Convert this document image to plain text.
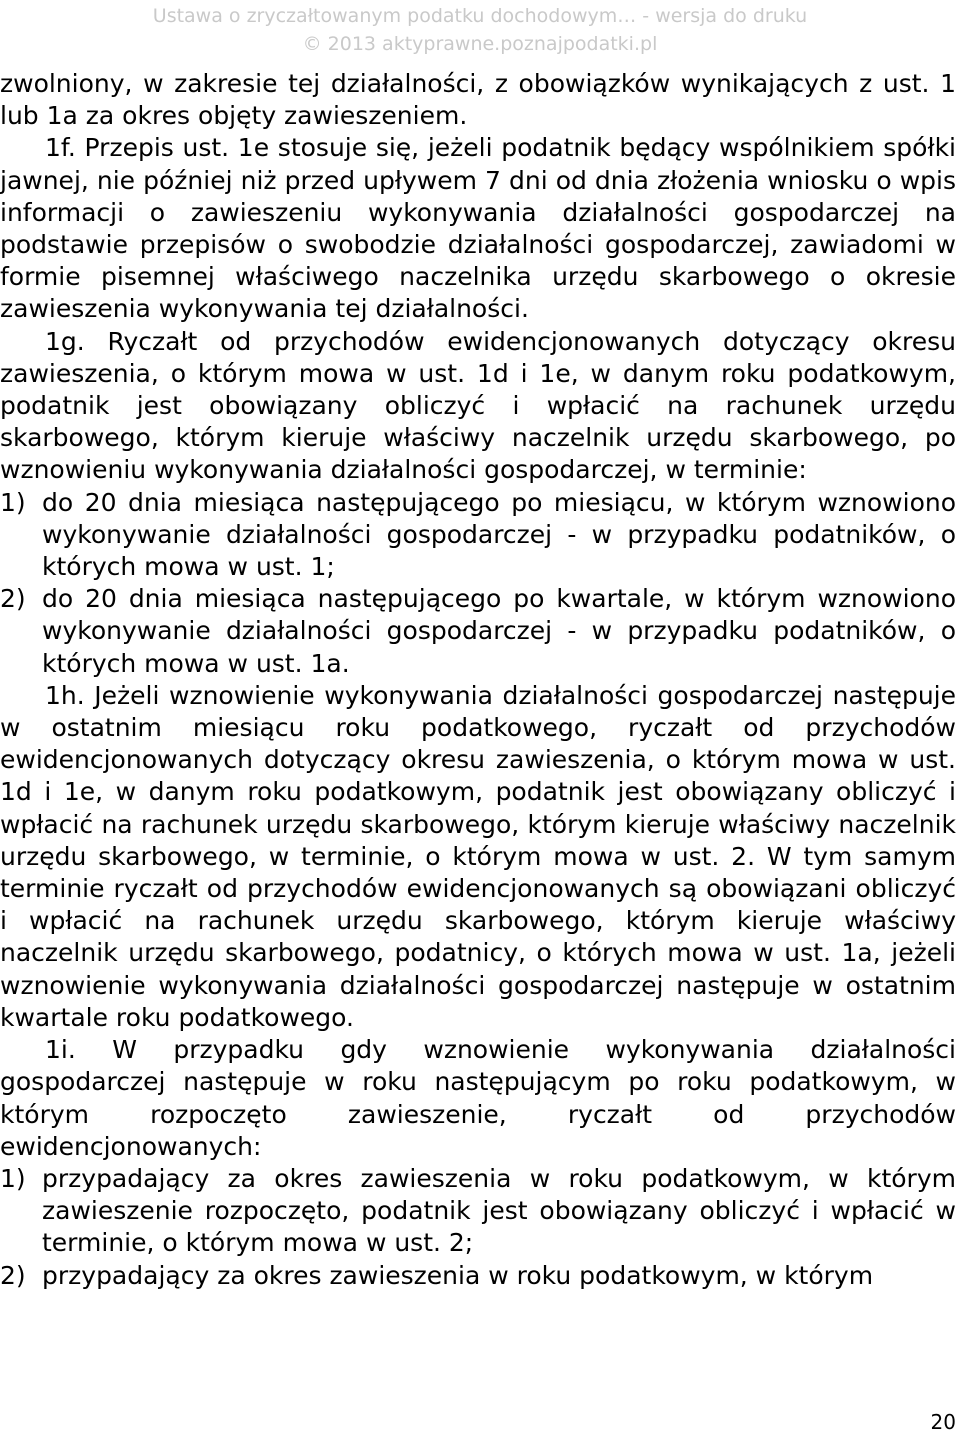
Ustawa o zryczałtowanym podatku dochodowym… - wersja do druku
© 2013 aktyprawne.poznajpodatki.pl
zwolniony, w zakresie tej działalności, z obowiązków wynikających z ust. 1 lub 1a za okres objęty zawieszeniem.
1f. Przepis ust. 1e stosuje się, jeżeli podatnik będący wspólnikiem spółki jawnej, nie później niż przed upływem 7 dni od dnia złożenia wniosku o wpis informacji o zawieszeniu wykonywania działalności gospodarczej na podstawie przepisów o swobodzie działalności gospodarczej, zawiadomi w formie pisemnej właściwego naczelnika urzędu skarbowego o okresie zawieszenia wykonywania tej działalności.
1g. Ryczałt od przychodów ewidencjonowanych dotyczący okresu zawieszenia, o którym mowa w ust. 1d i 1e, w danym roku podatkowym, podatnik jest obowiązany obliczyć i wpłacić na rachunek urzędu skarbowego, którym kieruje właściwy naczelnik urzędu skarbowego, po wznowieniu wykonywania działalności gospodarczej, w terminie:
1) do 20 dnia miesiąca następującego po miesiącu, w którym wznowiono wykonywanie działalności gospodarczej - w przypadku podatników, o których mowa w ust. 1;
2) do 20 dnia miesiąca następującego po kwartale, w którym wznowiono wykonywanie działalności gospodarczej - w przypadku podatników, o których mowa w ust. 1a.
1h. Jeżeli wznowienie wykonywania działalności gospodarczej następuje w ostatnim miesiącu roku podatkowego, ryczałt od przychodów ewidencjonowanych dotyczący okresu zawieszenia, o którym mowa w ust. 1d i 1e, w danym roku podatkowym, podatnik jest obowiązany obliczyć i wpłacić na rachunek urzędu skarbowego, którym kieruje właściwy naczelnik urzędu skarbowego, w terminie, o którym mowa w ust. 2. W tym samym terminie ryczałt od przychodów ewidencjonowanych są obowiązani obliczyć i wpłacić na rachunek urzędu skarbowego, którym kieruje właściwy naczelnik urzędu skarbowego, podatnicy, o których mowa w ust. 1a, jeżeli wznowienie wykonywania działalności gospodarczej następuje w ostatnim kwartale roku podatkowego.
1i. W przypadku gdy wznowienie wykonywania działalności gospodarczej następuje w roku następującym po roku podatkowym, w którym rozpoczęto zawieszenie, ryczałt od przychodów ewidencjonowanych:
1) przypadający za okres zawieszenia w roku podatkowym, w którym zawieszenie rozpoczęto, podatnik jest obowiązany obliczyć i wpłacić w terminie, o którym mowa w ust. 2;
2) przypadający za okres zawieszenia w roku podatkowym, w którym
20
